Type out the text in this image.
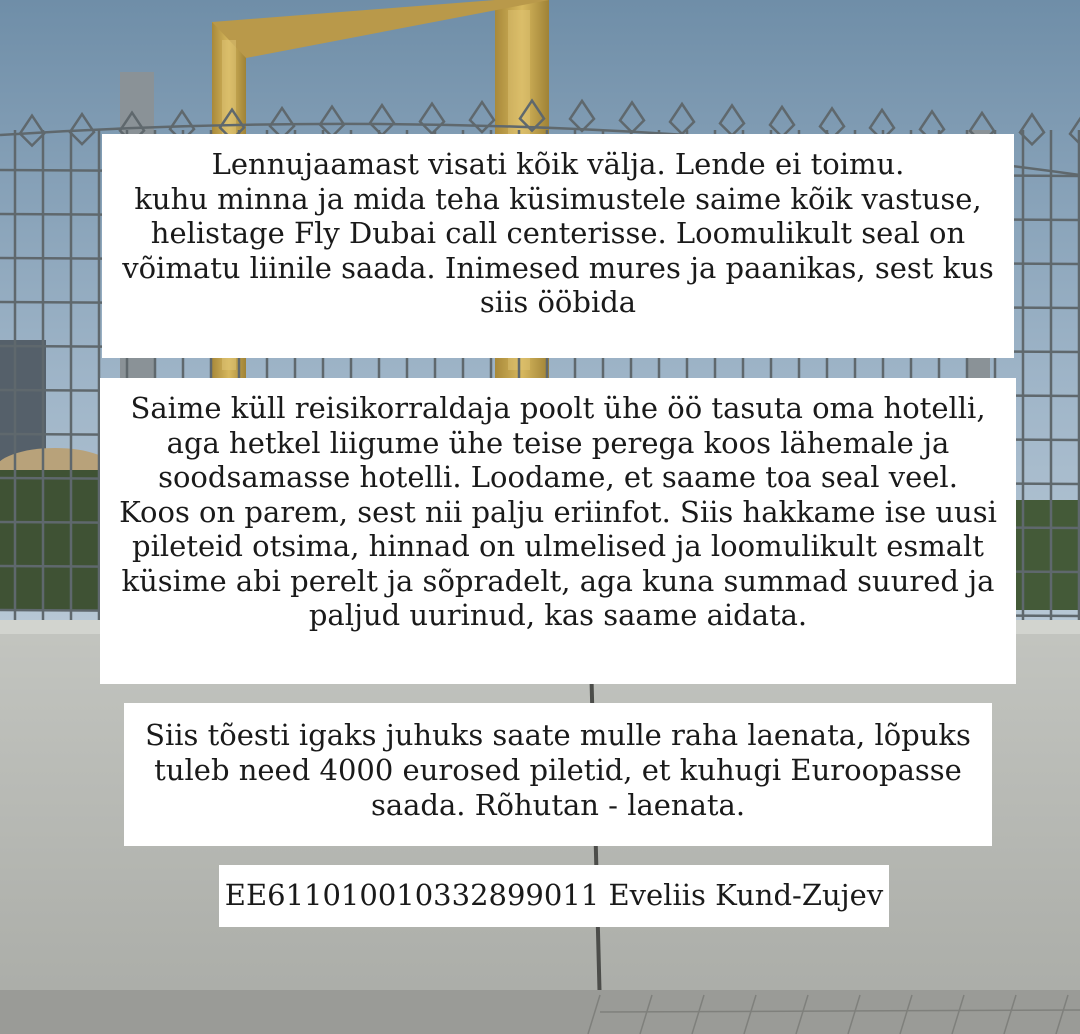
Lennujaamast visati kõik välja. Lende ei toimu.
kuhu minna ja mida teha küsimustele saime kõik vastuse,
helistage Fly Dubai call centerisse. Loomulikult seal on
võimatu liinile saada. Inimesed mures ja paanikas, sest kus
siis ööbida
Saime küll reisikorraldaja poolt ühe öö tasuta oma hotelli,
aga hetkel liigume ühe teise perega koos lähemale ja
soodsamasse hotelli. Loodame, et saame toa seal veel.
Koos on parem, sest nii palju eriinfot. Siis hakkame ise uusi
pileteid otsima, hinnad on ulmelised ja loomulikult esmalt
küsime abi perelt ja sõpradelt, aga kuna summad suured ja
paljud uurinud, kas saame aidata.
Siis tõesti igaks juhuks saate mulle raha laenata, lõpuks
tuleb need 4000 eurosed piletid, et kuhugi Euroopasse
saada. Rõhutan - laenata.
EE611010010332899011 Eveliis Kund-Zujev
